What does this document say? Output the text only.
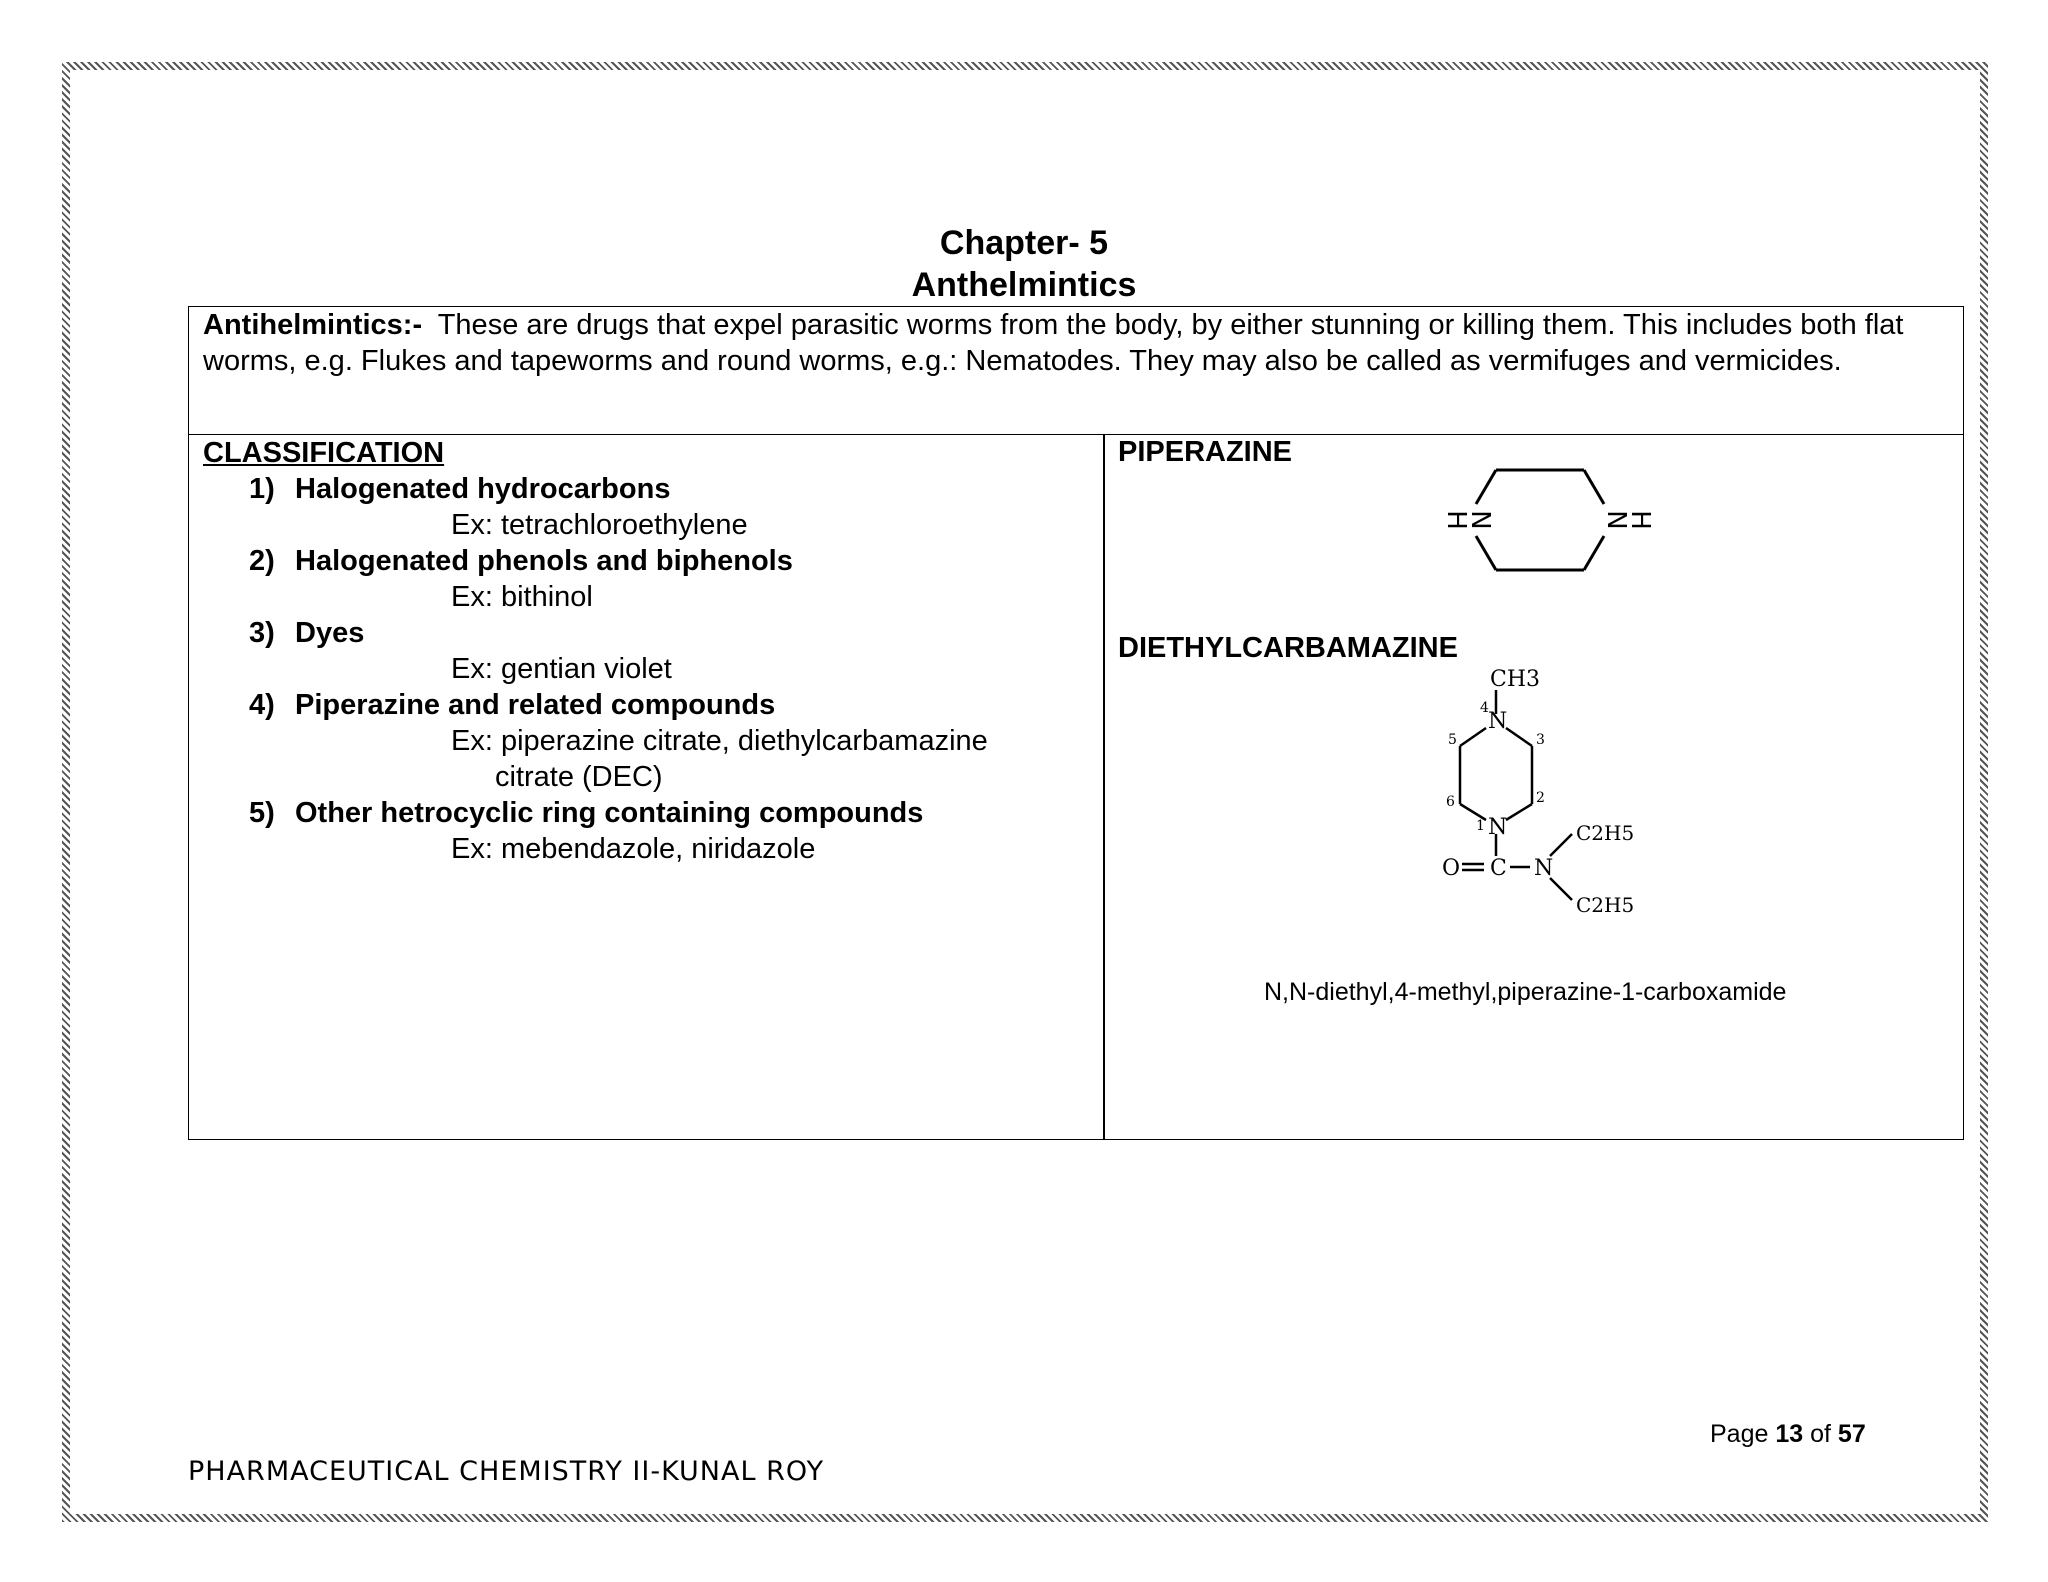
Chapter- 5
Anthelmintics
Antihelmintics:- These are drugs that expel parasitic worms from the body, by either stunning or killing them. This includes both flat worms, e.g. Flukes and tapeworms and round worms, e.g.: Nematodes. They may also be called as vermifuges and vermicides.
CLASSIFICATION
1) Halogenated hydrocarbons
Ex: tetrachloroethylene
2) Halogenated phenols and biphenols
Ex: bithinol
3) Dyes
Ex: gentian violet
4) Piperazine and related compounds
Ex: piperazine citrate, diethylcarbamazine
citrate (DEC)
5) Other hetrocyclic ring containing compounds
Ex: mebendazole, niridazole
PIPERAZINE
N
H	N
H
DIETHYLCARBAMAZINE
CH3
N
N
C
O	N
C2H5
C2H5
4
5	3
6	2
1
N,N-diethyl,4-methyl,piperazine-1-carboxamide
Page 13 of 57
PHARMACEUTICAL CHEMISTRY II-KUNAL ROY
